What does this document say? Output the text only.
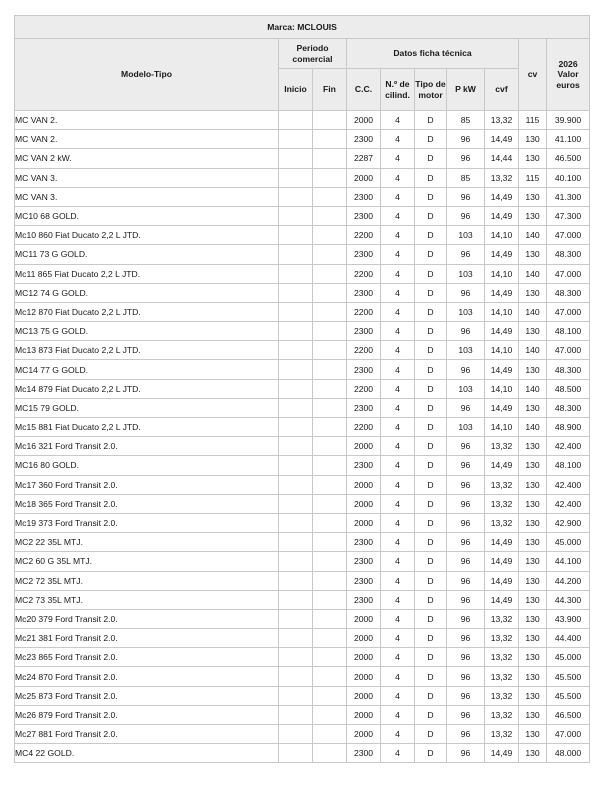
Marca: MCLOUIS									
Modelo-Tipo	Periodo comercial		Datos ficha técnica					cv	2026 Valor euros
	Inicio	Fin	C.C.	N.º de cilind.	Tipo de motor	P kW	cvf		
MC VAN 2.			2000	4	D	85	13,32	115	39.900
MC VAN 2.			2300	4	D	96	14,49	130	41.100
MC VAN 2 kW.			2287	4	D	96	14,44	130	46.500
MC VAN 3.			2000	4	D	85	13,32	115	40.100
MC VAN 3.			2300	4	D	96	14,49	130	41.300
MC10 68 GOLD.			2300	4	D	96	14,49	130	47.300
Mc10 860 Fiat Ducato 2,2 L JTD.			2200	4	D	103	14,10	140	47.000
MC11 73 G GOLD.			2300	4	D	96	14,49	130	48.300
Mc11 865 Fiat Ducato 2,2 L JTD.			2200	4	D	103	14,10	140	47.000
MC12 74 G GOLD.			2300	4	D	96	14,49	130	48.300
Mc12 870 Fiat Ducato 2,2 L JTD.			2200	4	D	103	14,10	140	47.000
MC13 75 G GOLD.			2300	4	D	96	14,49	130	48.100
Mc13 873 Fiat Ducato 2,2 L JTD.			2200	4	D	103	14,10	140	47.000
MC14 77 G GOLD.			2300	4	D	96	14,49	130	48.300
Mc14 879 Fiat Ducato 2,2 L JTD.			2200	4	D	103	14,10	140	48.500
MC15 79 GOLD.			2300	4	D	96	14,49	130	48.300
Mc15 881 Fiat Ducato 2,2 L JTD.			2200	4	D	103	14,10	140	48.900
Mc16 321 Ford Transit 2.0.			2000	4	D	96	13,32	130	42.400
MC16 80 GOLD.			2300	4	D	96	14,49	130	48.100
Mc17 360 Ford Transit 2.0.			2000	4	D	96	13,32	130	42.400
Mc18 365 Ford Transit 2.0.			2000	4	D	96	13,32	130	42.400
Mc19 373 Ford Transit 2.0.			2000	4	D	96	13,32	130	42.900
MC2 22 35L MTJ.			2300	4	D	96	14,49	130	45.000
MC2 60 G 35L MTJ.			2300	4	D	96	14,49	130	44.100
MC2 72 35L MTJ.			2300	4	D	96	14,49	130	44.200
MC2 73 35L MTJ.			2300	4	D	96	14,49	130	44.300
Mc20 379 Ford Transit 2.0.			2000	4	D	96	13,32	130	43.900
Mc21 381 Ford Transit 2.0.			2000	4	D	96	13,32	130	44.400
Mc23 865 Ford Transit 2.0.			2000	4	D	96	13,32	130	45.000
Mc24 870 Ford Transit 2.0.			2000	4	D	96	13,32	130	45.500
Mc25 873 Ford Transit 2.0.			2000	4	D	96	13,32	130	45.500
Mc26 879 Ford Transit 2.0.			2000	4	D	96	13,32	130	46.500
Mc27 881 Ford Transit 2.0.			2000	4	D	96	13,32	130	47.000
MC4 22 GOLD.			2300	4	D	96	14,49	130	48.000
